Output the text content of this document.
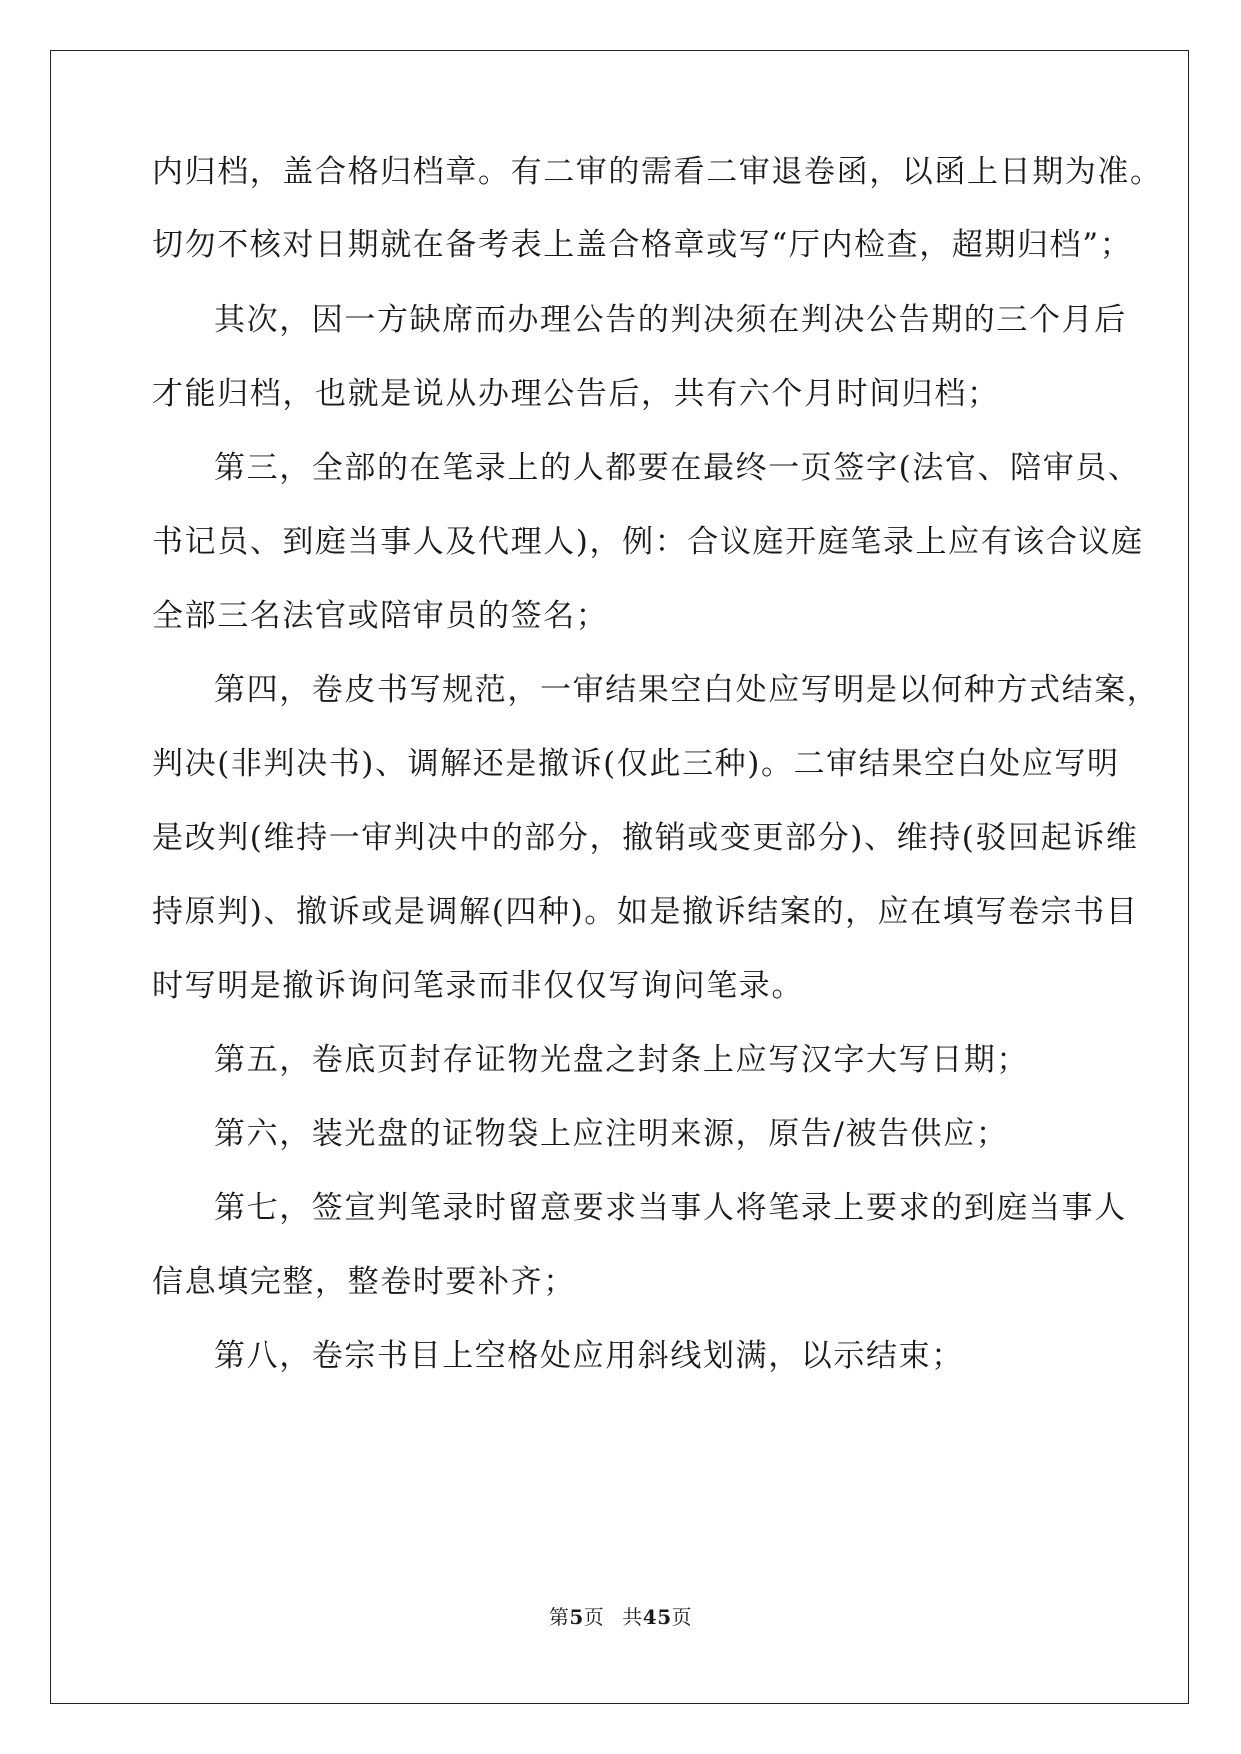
内归档，盖合格归档章。有二审的需看二审退卷函，以函上日期为准。
切勿不核对日期就在备考表上盖合格章或写“厅内检查，超期归档”；
其次，因一方缺席而办理公告的判决须在判决公告期的三个月后
才能归档，也就是说从办理公告后，共有六个月时间归档；
第三，全部的在笔录上的人都要在最终一页签字(法官、陪审员、
书记员、到庭当事人及代理人)，例：合议庭开庭笔录上应有该合议庭
全部三名法官或陪审员的签名；
第四，卷皮书写规范，一审结果空白处应写明是以何种方式结案，
判决(非判决书)、调解还是撤诉(仅此三种)。二审结果空白处应写明
是改判(维持一审判决中的部分，撤销或变更部分)、维持(驳回起诉维
持原判)、撤诉或是调解(四种)。如是撤诉结案的，应在填写卷宗书目
时写明是撤诉询问笔录而非仅仅写询问笔录。
第五，卷底页封存证物光盘之封条上应写汉字大写日期；
第六，装光盘的证物袋上应注明来源，原告/被告供应；
第七，签宣判笔录时留意要求当事人将笔录上要求的到庭当事人
信息填完整，整卷时要补齐；
第八，卷宗书目上空格处应用斜线划满，以示结束；
第5页 共45页
